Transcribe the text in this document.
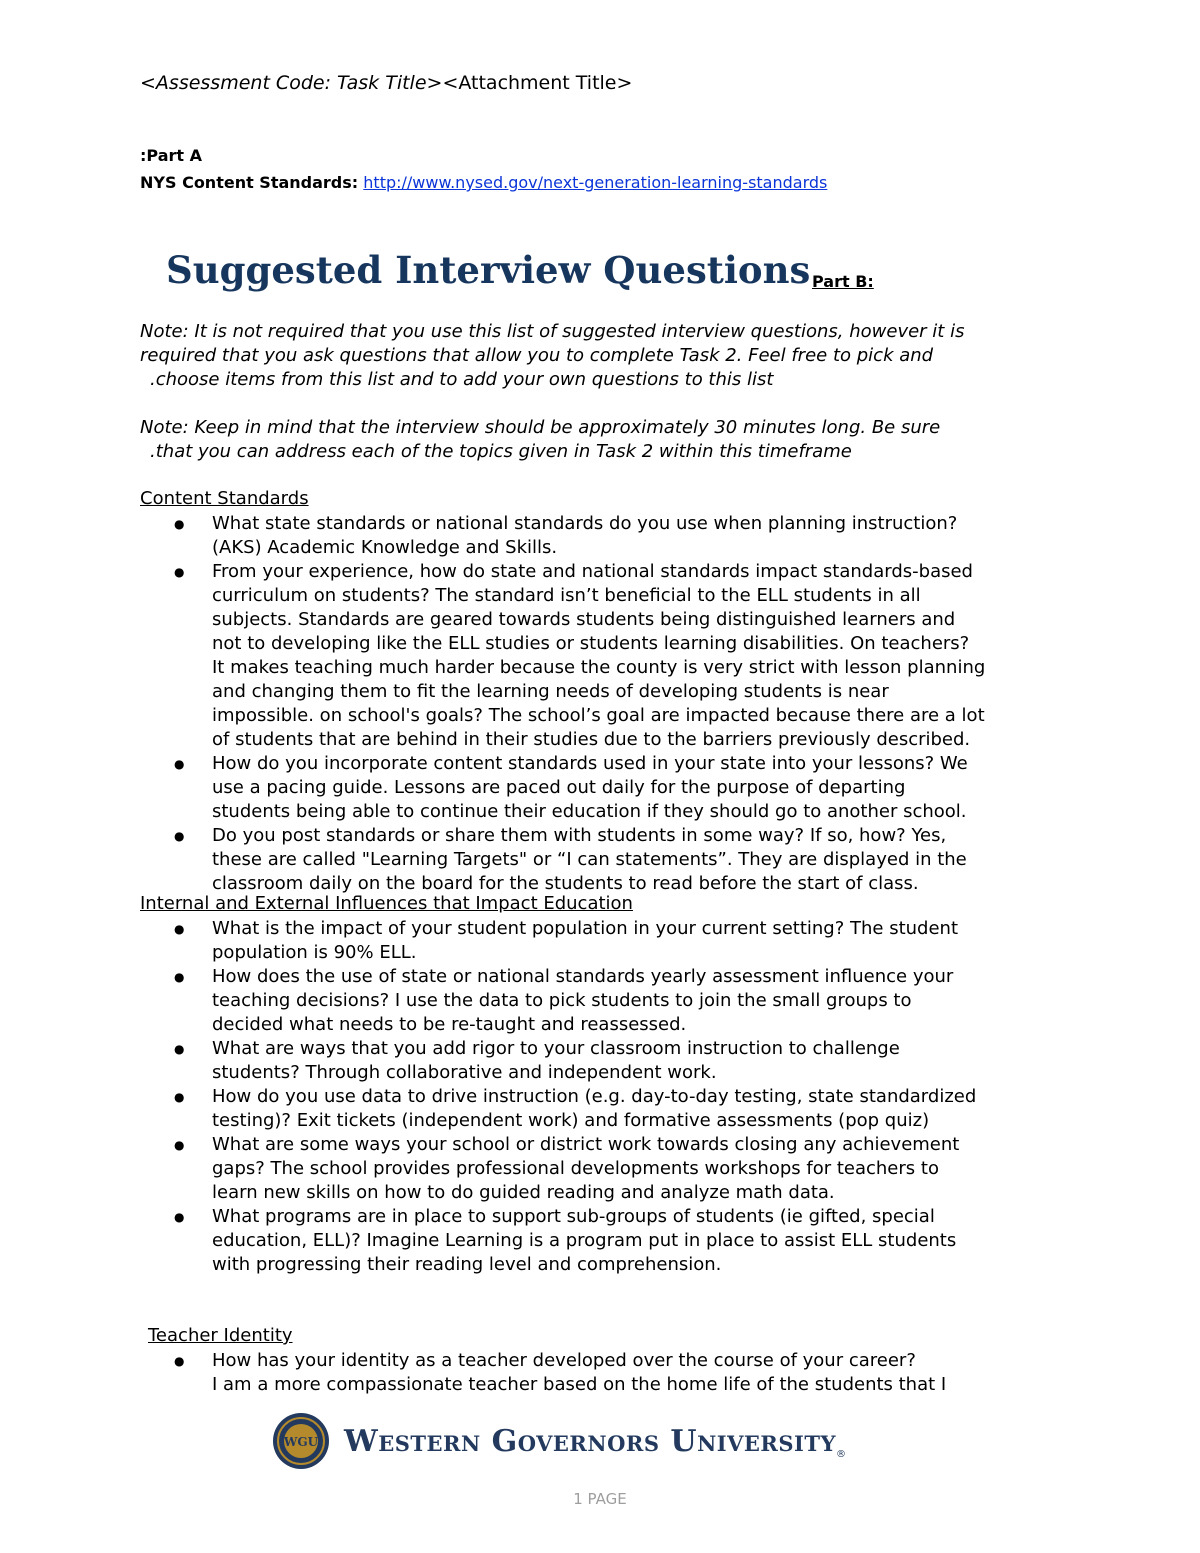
<Assessment Code: Task Title><Attachment Title>
:Part A
NYS Content Standards: http://www.nysed.gov/next-generation-learning-standards
Suggested Interview Questions Part B:
Note: It is not required that you use this list of suggested interview questions, however it is
required that you ask questions that allow you to complete Task 2. Feel free to pick and
.choose items from this list and to add your own questions to this list
Note: Keep in mind that the interview should be approximately 30 minutes long. Be sure
.that you can address each of the topics given in Task 2 within this timeframe
Content Standards
● What state standards or national standards do you use when planning instruction?
(AKS) Academic Knowledge and Skills.
● From your experience, how do state and national standards impact standards-based
curriculum on students? The standard isn’t beneficial to the ELL students in all
subjects. Standards are geared towards students being distinguished learners and
not to developing like the ELL studies or students learning disabilities. On teachers?
It makes teaching much harder because the county is very strict with lesson planning
and changing them to fit the learning needs of developing students is near
impossible. on school's goals? The school’s goal are impacted because there are a lot
of students that are behind in their studies due to the barriers previously described.
● How do you incorporate content standards used in your state into your lessons? We
use a pacing guide. Lessons are paced out daily for the purpose of departing
students being able to continue their education if they should go to another school.
● Do you post standards or share them with students in some way? If so, how? Yes,
these are called "Learning Targets" or “I can statements”. They are displayed in the
classroom daily on the board for the students to read before the start of class.
Internal and External Influences that Impact Education
● What is the impact of your student population in your current setting? The student
population is 90% ELL.
● How does the use of state or national standards yearly assessment influence your
teaching decisions? I use the data to pick students to join the small groups to
decided what needs to be re-taught and reassessed.
● What are ways that you add rigor to your classroom instruction to challenge
students? Through collaborative and independent work.
● How do you use data to drive instruction (e.g. day-to-day testing, state standardized
testing)? Exit tickets (independent work) and formative assessments (pop quiz)
● What are some ways your school or district work towards closing any achievement
gaps? The school provides professional developments workshops for teachers to
learn new skills on how to do guided reading and analyze math data.
● What programs are in place to support sub-groups of students (ie gifted, special
education, ELL)? Imagine Learning is a program put in place to assist ELL students
with progressing their reading level and comprehension.
Teacher Identity
● How has your identity as a teacher developed over the course of your career?
I am a more compassionate teacher based on the home life of the students that I
WGU Western Governors University ®
1 PAGE
